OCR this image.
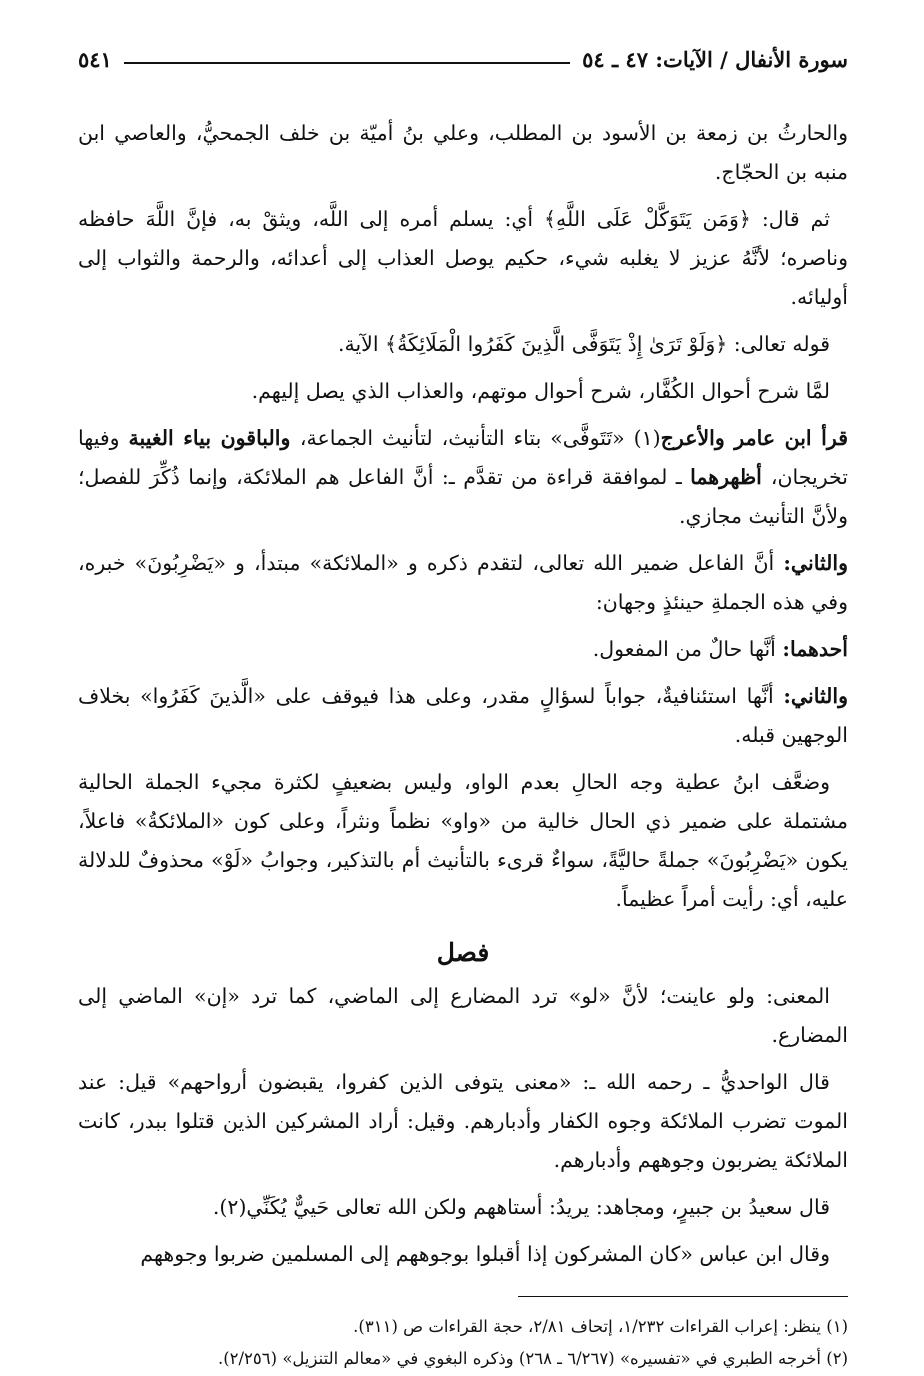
سورة الأنفال / الآيات: ٤٧ ـ ٥٤
٥٤١

والحارثُ بن زمعة بن الأسود بن المطلب، وعلي بنُ أميّة بن خلف الجمحيُّ، والعاصي ابن منبه بن الحجّاج.

ثم قال: ﴿وَمَن يَتَوَكَّلْ عَلَى اللَّهِ﴾ أي: يسلم أمره إلى اللَّه، ويثقْ به، فإنَّ اللَّهَ حافظه وناصره؛ لأنَّهُ عزيز لا يغلبه شيء، حكيم يوصل العذاب إلى أعدائه، والرحمة والثواب إلى أوليائه.

قوله تعالى: ﴿وَلَوْ تَرَىٰ إِذْ يَتَوَفَّى الَّذِينَ كَفَرُوا الْمَلَائِكَةُ﴾ الآية.

لمَّا شرح أحوال الكُفَّار، شرح أحوال موتهم، والعذاب الذي يصل إليهم.

قرأ ابن عامر والأعرج(١) «تَتَوفَّى» بتاء التأنيث، لتأنيث الجماعة، والباقون بياء الغيبة وفيها تخريجان، أظهرهما ـ لموافقة قراءة من تقدَّم ـ: أنَّ الفاعل هم الملائكة، وإنما ذُكِّرَ للفصل؛ ولأنَّ التأنيث مجازي.

والثاني: أنَّ الفاعل ضمير الله تعالى، لتقدم ذكره و «الملائكة» مبتدأ، و «يَضْرِبُونَ» خبره، وفي هذه الجملةِ حينئذٍ وجهان:

أحدهما: أنَّها حالٌ من المفعول.

والثاني: أنَّها استئنافيةٌ، جواباً لسؤالٍ مقدر، وعلى هذا فيوقف على «الَّذينَ كَفَرُوا» بخلاف الوجهين قبله.

وضعَّف ابنُ عطية وجه الحالِ بعدم الواو، وليس بضعيفٍ لكثرة مجيء الجملة الحالية مشتملة على ضمير ذي الحال خالية من «واو» نظماً ونثراً، وعلى كون «الملائكةُ» فاعلاً، يكون «يَضْرِبُونَ» جملةً حاليَّةً، سواءٌ قرىء بالتأنيث أم بالتذكير، وجوابُ «لَوْ» محذوفٌ للدلالة عليه، أي: رأيت أمراً عظيماً.

فصل

المعنى: ولو عاينت؛ لأنَّ «لو» ترد المضارع إلى الماضي، كما ترد «إن» الماضي إلى المضارع.

قال الواحديُّ ـ رحمه الله ـ: «معنى يتوفى الذين كفروا، يقبضون أرواحهم» قيل: عند الموت تضرب الملائكة وجوه الكفار وأدبارهم. وقيل: أراد المشركين الذين قتلوا ببدر، كانت الملائكة يضربون وجوههم وأدبارهم.

قال سعيدُ بن جبيرٍ، ومجاهد: يريدُ: أستاههم ولكن الله تعالى حَييٌّ يُكَنِّي(٢).

وقال ابن عباس «كان المشركون إذا أقبلوا بوجوههم إلى المسلمين ضربوا وجوههم

(١) ينظر: إعراب القراءات ١/٢٣٢، إتحاف ٢/٨١، حجة القراءات ص (٣١١).

(٢) أخرجه الطبري في «تفسيره» (٦/٢٦٧ ـ ٢٦٨) وذكره البغوي في «معالم التنزيل» (٢/٢٥٦).
